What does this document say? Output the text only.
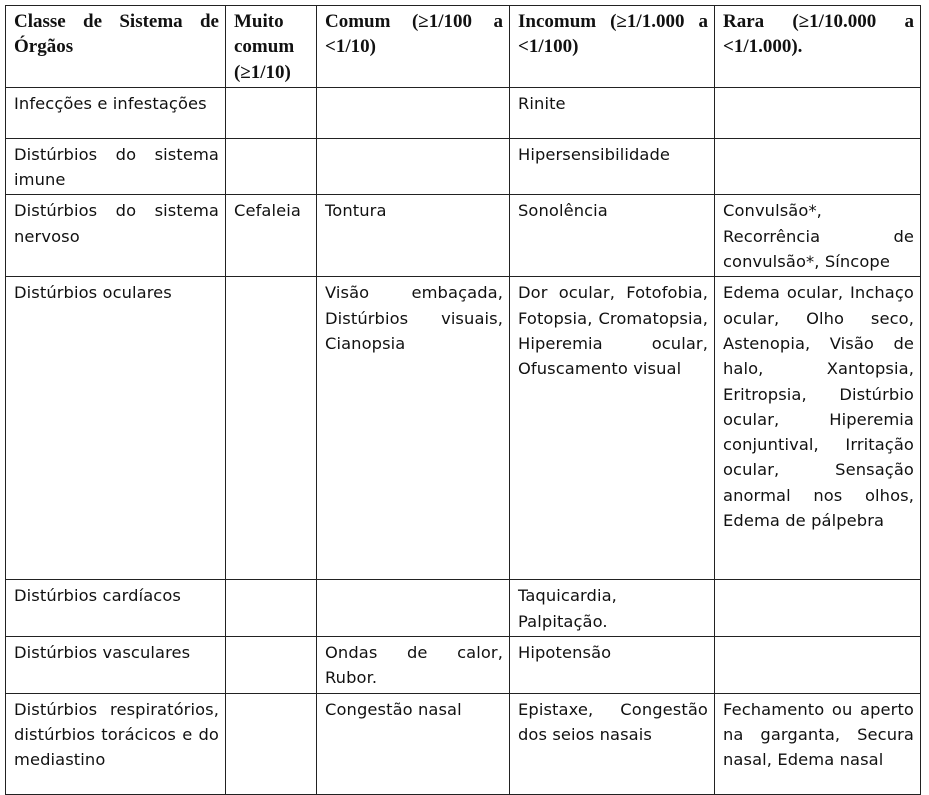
Classe de Sistema de Órgãos	Muito comum (≥1/10)	Comum (≥1/100 a <1/10)	Incomum (≥1/1.000 a <1/100)	Rara (≥1/10.000 a <1/1.000).
Infecções e infestações			Rinite	
Distúrbios do sistema imune			Hipersensibilidade	
Distúrbios do sistema nervoso	Cefaleia	Tontura	Sonolência	Convulsão*, Recorrência de convulsão*, Síncope
Distúrbios oculares		Visão embaçada, Distúrbios visuais, Cianopsia	Dor ocular, Fotofobia, Fotopsia, Cromatopsia, Hiperemia ocular, Ofuscamento visual	Edema ocular, Inchaço ocular, Olho seco, Astenopia, Visão de halo, Xantopsia, Eritropsia, Distúrbio ocular, Hiperemia conjuntival, Irritação ocular, Sensação anormal nos olhos, Edema de pálpebra
Distúrbios cardíacos			Taquicardia, Palpitação.	
Distúrbios vasculares		Ondas de calor, Rubor.	Hipotensão	
Distúrbios respiratórios, distúrbios torácicos e do mediastino		Congestão nasal	Epistaxe, Congestão dos seios nasais	Fechamento ou aperto na garganta, Secura nasal, Edema nasal
